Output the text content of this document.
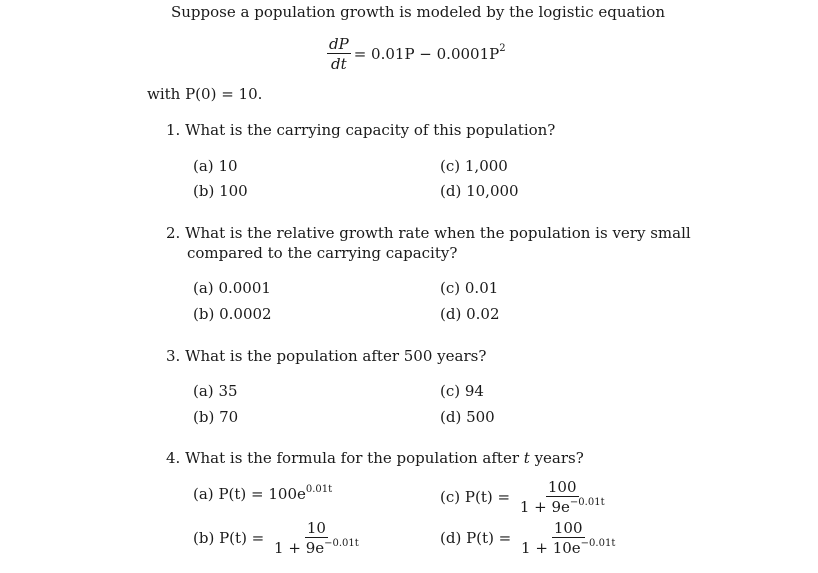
Suppose a population growth is modeled by the logistic equation
$\frac{dP}{dt} = 0.01P - 0.0001P^2$
with P(0) = 10.
1. What is the carrying capacity of this population?
(a) 10
(b) 100
(c) 1,000
(d) 10,000
2. What is the relative growth rate when the population is very small
compared to the carrying capacity?
(a) 0.0001
(b) 0.0002
(c) 0.01
(d) 0.02
3. What is the population after 500 years?
(a) 35
(b) 70
(c) 94
(d) 500
4. What is the formula for the population after t years?
(a) $P(t) = 100e^{0.01t}$
(b) $P(t) = \frac{10}{1 + 9e^{-0.01t}}$
(c) $P(t) = \frac{100}{1 + 9e^{-0.01t}}$
(d) $P(t) = \frac{100}{1 + 10e^{-0.01t}}$
